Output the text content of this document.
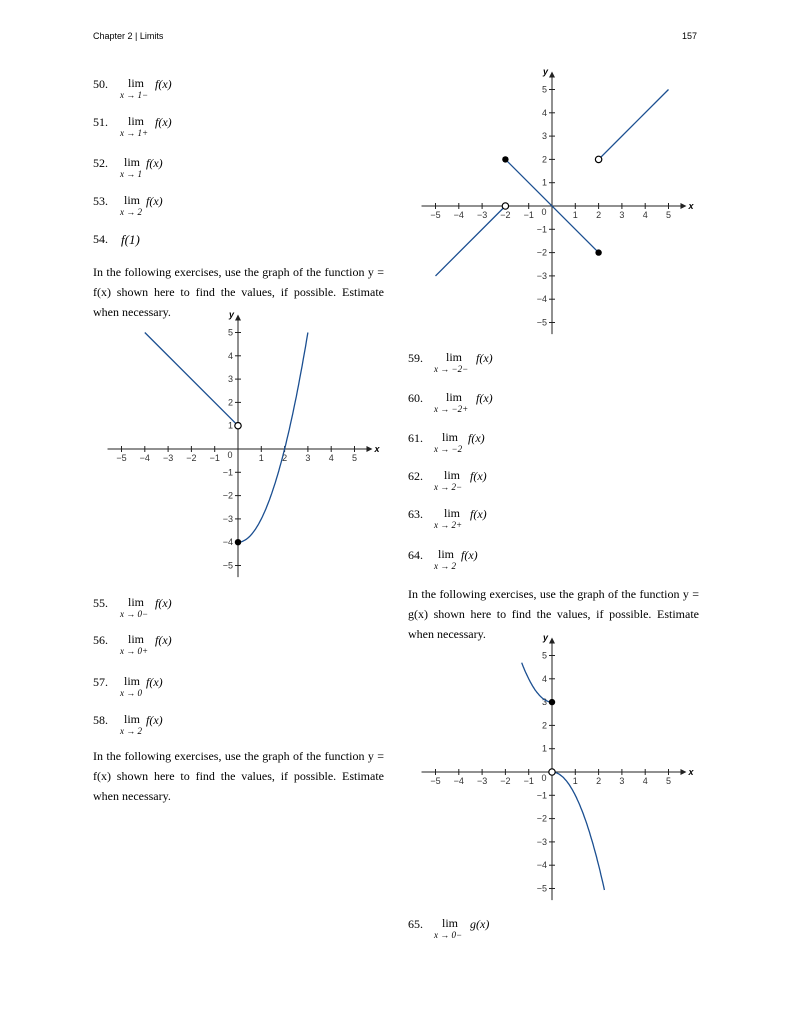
Chapter 2 | Limits	157
50. lim
x → 1−
f(x)
51. lim
x → 1+
f(x)
52. lim
x → 1
f(x)
53. lim
x → 2
f(x)
54. f(1)
In the following exercises, use the graph of the function y = f(x) shown here to find the values, if possible. Estimate when necessary.
x
y
−5 −4 −3 −2 −1 0	1 2 3 4 5
5
4
3
2
1
−1
−2
−3
−4
−5
55. lim
x → 0−
f(x)
56. lim
x → 0+
f(x)
57. lim
x → 0
f(x)
58. lim
x → 2
f(x)
In the following exercises, use the graph of the function y = f(x) shown here to find the values, if possible. Estimate when necessary.
59. lim
x → −2−
f(x)
60. lim
x → −2+
f(x)
61. lim
x → −2
f(x)
62. lim
x → 2−
f(x)
63. lim
x → 2+
f(x)
64. lim
x → 2
f(x)
In the following exercises, use the graph of the function y = g(x) shown here to find the values, if possible. Estimate when necessary.
65. lim
x → 0−
g(x)
x
y
−5 −4 −3 −2 −1 0	1 2 3 4 5
5
4
3
2
1
−1
−2
−3
−4
−5
x
y
−5 −4 −3 −2 −1 0	1 2 3 4 5
5
4
3
2
1
−1
−2
−3
−4
−5
